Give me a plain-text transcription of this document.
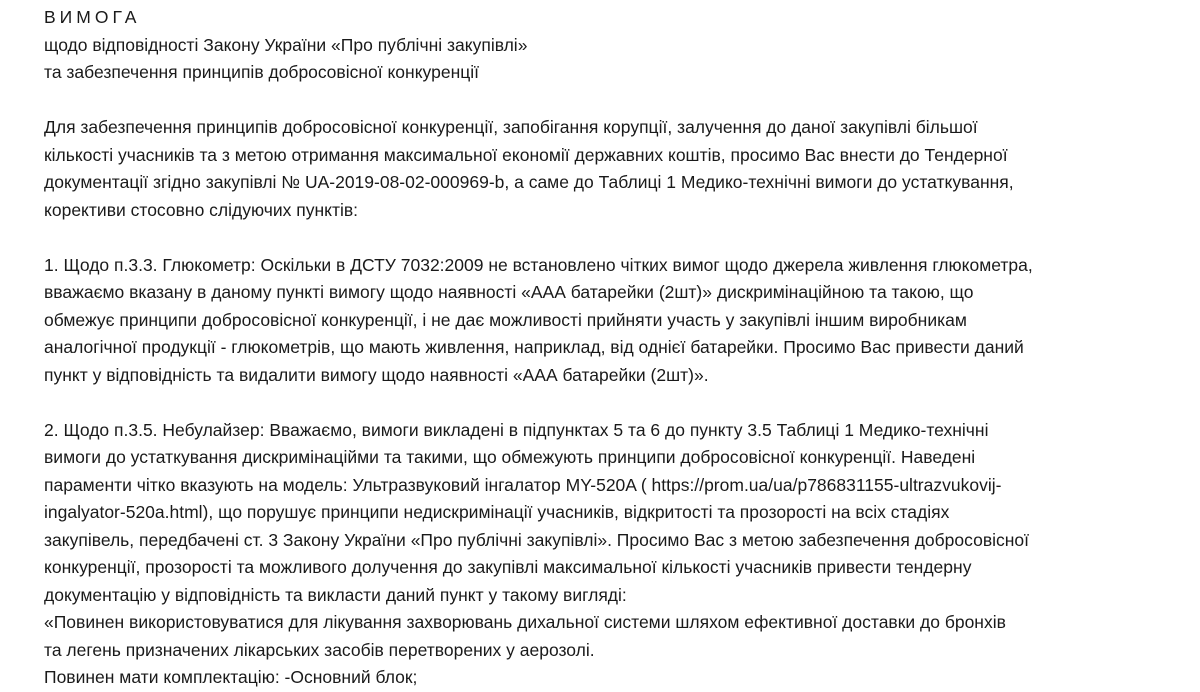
ВИМОГА

щодо відповідності Закону України «Про публічні закупівлі»

та забезпечення принципів доброcовісної конкуренції

Для забезпечення принципів добросовісної конкуренції, запобігання корупції, залучення до даної закупівлі більшої

кількості учасників та з метою отримання максимальної економії державних коштів, просимо Вас внести до Тендерної

документації згідно закупівлі № UA-2019-08-02-000969-b, а саме до Таблиці 1 Медико-технічні вимоги до устаткування,

корективи стосовно слідуючих пунктів:

1. Щодо п.3.3. Глюкометр: Оскільки в ДСТУ 7032:2009 не встановлено чітких вимог щодо джерела живлення глюкометра,

вважаємо вказану в даному пункті вимогу щодо наявності «ААА батарейки (2шт)» дискримінаційною та такою, що

обмежує принципи добросовісної конкуренції, і не дає можливості прийняти участь у закупівлі іншим виробникам

аналогічної продукції - глюкометрів, що мають живлення, наприклад, від однієї батарейки. Просимо Вас привести даний

пункт у відповідність та видалити вимогу щодо наявності «ААА батарейки (2шт)».

2. Щодо п.3.5. Небулайзер: Вважаємо, вимоги викладені в підпунктах 5 та 6 до пункту 3.5 Таблиці 1 Медико-технічні

вимоги до устаткування дискримінаційми та такими, що обмежують принципи добросовісної конкуренції. Наведені

параменти чітко вказують на модель: Ультразвуковий інгалатор MY-520A ( https://prom.ua/ua/p786831155-ultrazvukovij-

ingalyator-520a.html), що порушує принципи недискримінації учасників, відкритості та прозорості на всіх стадіях

закупівель, передбачені ст. 3 Закону України «Про публічні закупівлі». Просимо Вас з метою забезпечення добросовісної

конкуренції, прозорості та можливого долучення до закупівлі максимальної кількості учасників привести тендерну

документацію у відповідність та викласти даний пункт у такому вигляді:

«Повинен використовуватися для лікування захворювань дихальної системи шляхом ефективної доставки до бронхів

та легень призначених лікарських засобів перетворених у аерозолі.

Повинен мати комплектацію: -Основний блок;
